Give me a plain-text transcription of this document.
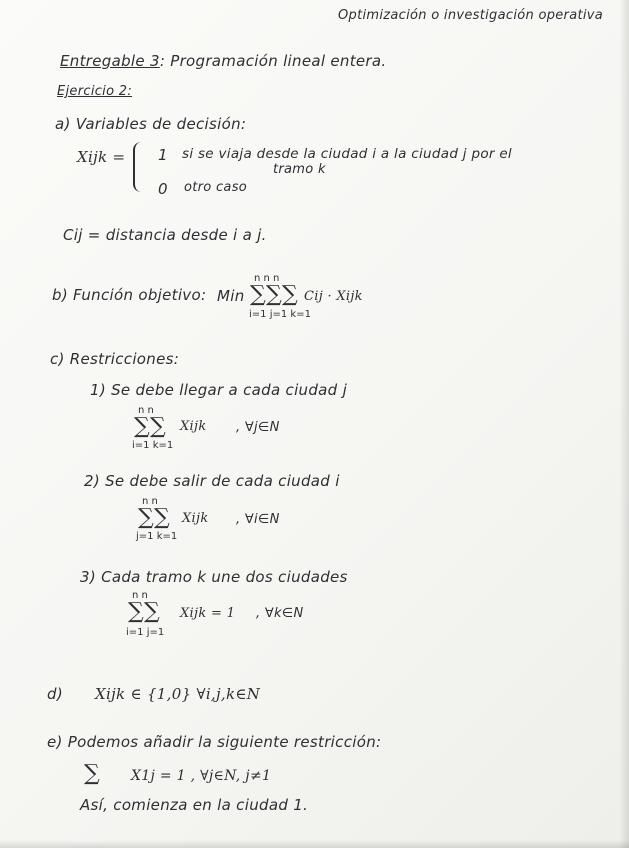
Optimización o investigación operativa
Entregable 3: Programación lineal entera.
Ejercicio 2:
a) Variables de decisión:
Xijk = 1 si se viaja desde la ciudad i a la ciudad j por el
tramo k
0 otro caso
Cij = distancia desde i a j.
b) Función objetivo: Min
n n n
∑∑∑
i=1 j=1 k=1
Cij · Xijk
c) Restricciones:
1) Se debe llegar a cada ciudad j
n n
∑∑
i=1 k=1
Xijk , ∀j∈N
2) Se debe salir de cada ciudad i
n n
∑∑
j=1 k=1
Xijk , ∀i∈N
3) Cada tramo k une dos ciudades
n n
∑∑
i=1 j=1
Xijk = 1 , ∀k∈N
d) Xijk ∈ {1,0} ∀i,j,k∈N
e) Podemos añadir la siguiente restricción:
∑ X1j = 1 , ∀j∈N, j≠1
Así, comienza en la ciudad 1.
